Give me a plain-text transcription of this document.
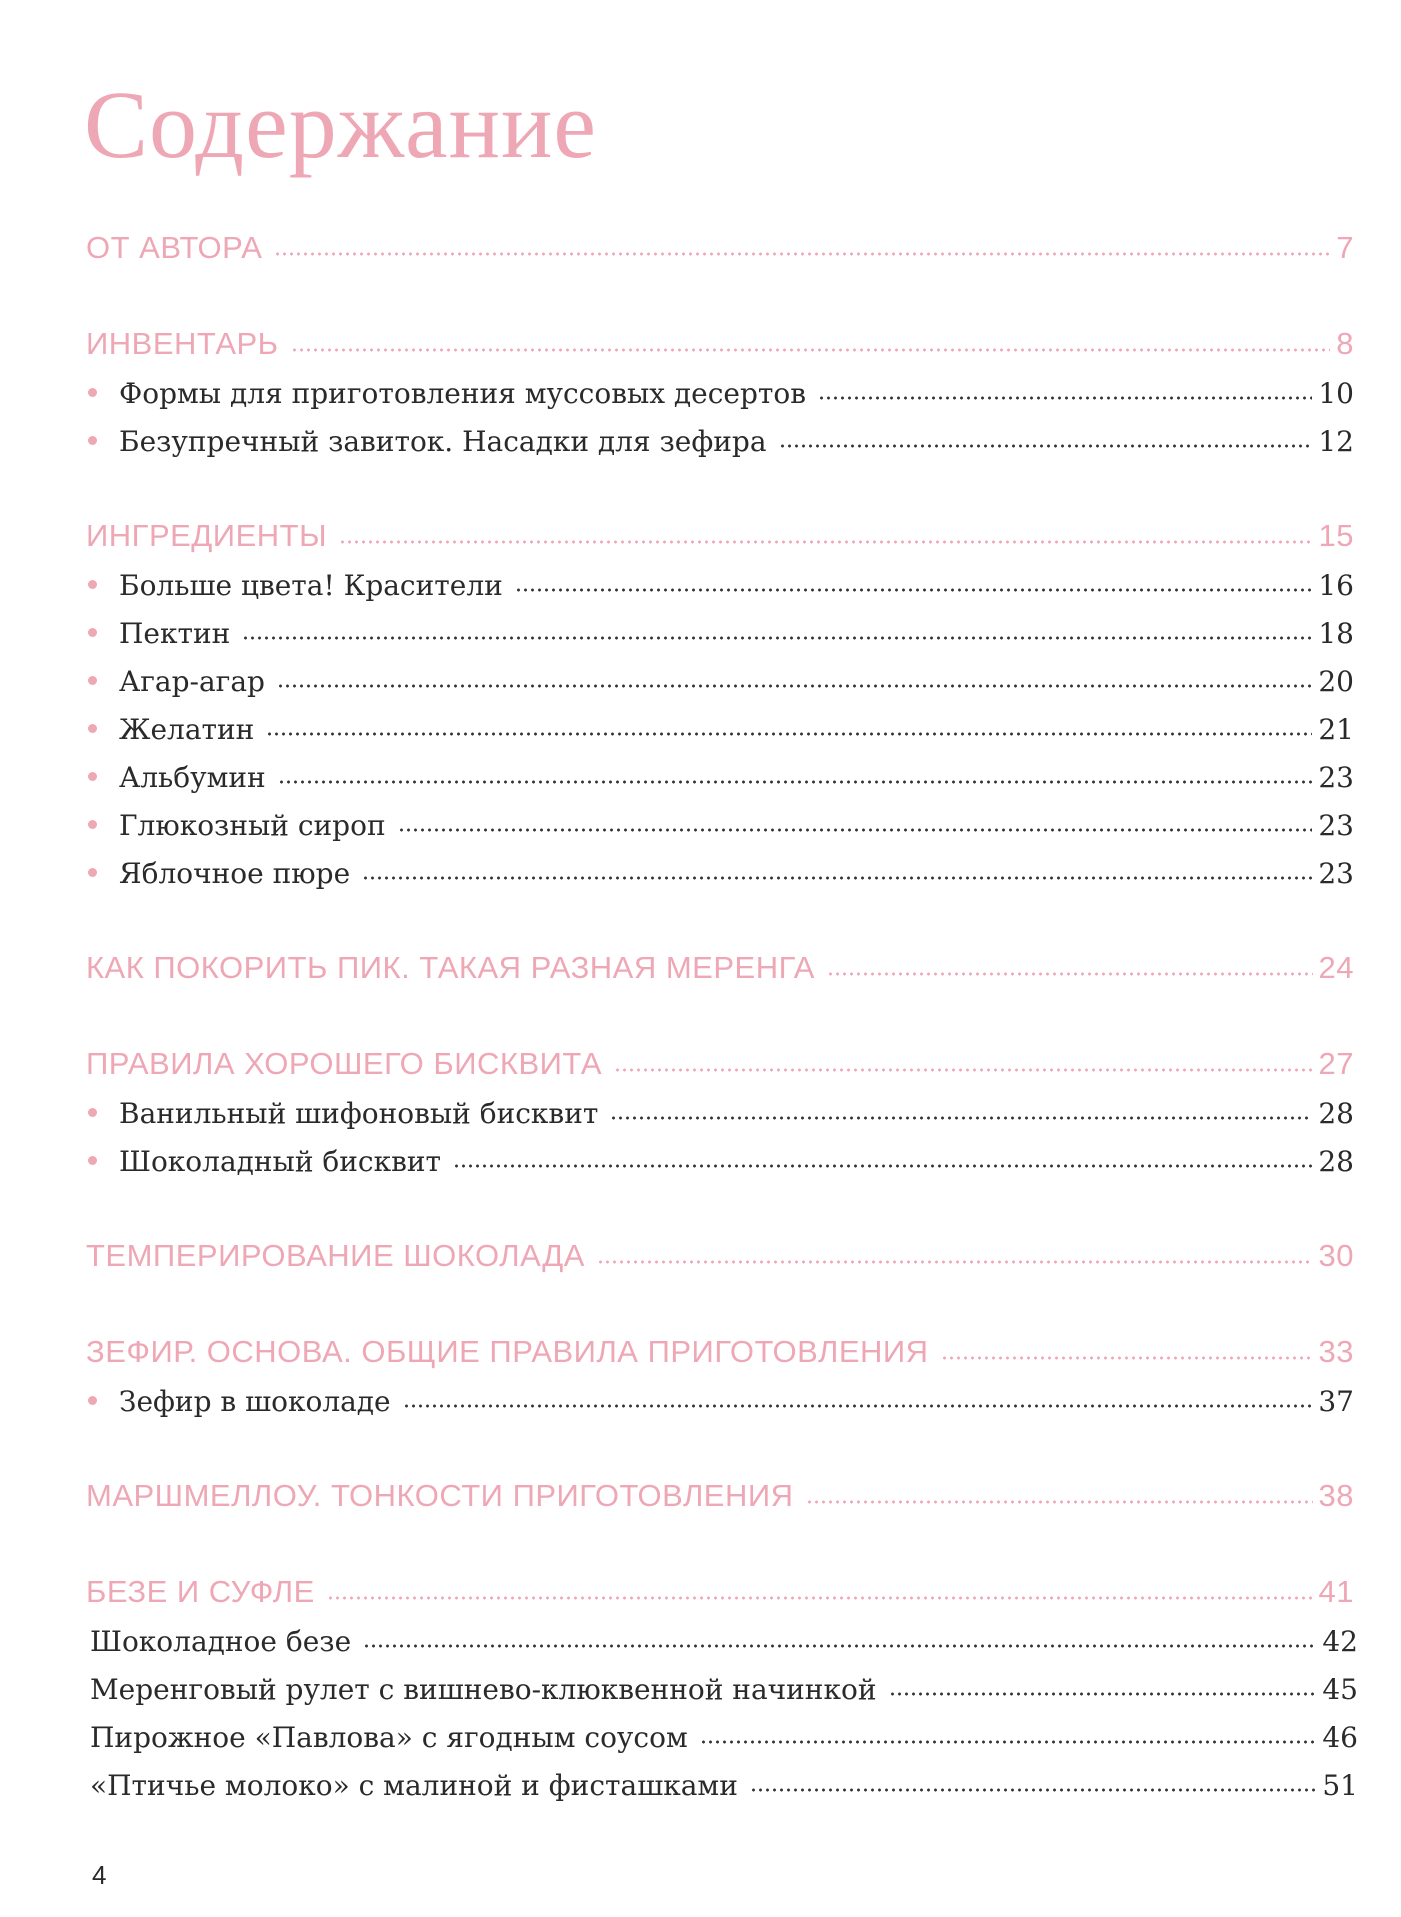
Содержание
ОТ АВТОРА	7
ИНВЕНТАРЬ	8
Формы для приготовления муссовых десертов	10
Безупречный завиток. Насадки для зефира	12
ИНГРЕДИЕНТЫ	15
Больше цвета! Красители	16
Пектин	18
Агар-агар	20
Желатин	21
Альбумин	23
Глюкозный сироп	23
Яблочное пюре	23
КАК ПОКОРИТЬ ПИК. ТАКАЯ РАЗНАЯ МЕРЕНГА	24
ПРАВИЛА ХОРОШЕГО БИСКВИТА	27
Ванильный шифоновый бисквит	28
Шоколадный бисквит	28
ТЕМПЕРИРОВАНИЕ ШОКОЛАДА	30
ЗЕФИР. ОСНОВА. ОБЩИЕ ПРАВИЛА ПРИГОТОВЛЕНИЯ	33
Зефир в шоколаде	37
МАРШМЕЛЛОУ. ТОНКОСТИ ПРИГОТОВЛЕНИЯ	38
БЕЗЕ И СУФЛЕ	41
Шоколадное безе	42
Меренговый рулет с вишнево-клюквенной начинкой	45
Пирожное «Павлова» с ягодным соусом	46
«Птичье молоко» с малиной и фисташками	51
4
